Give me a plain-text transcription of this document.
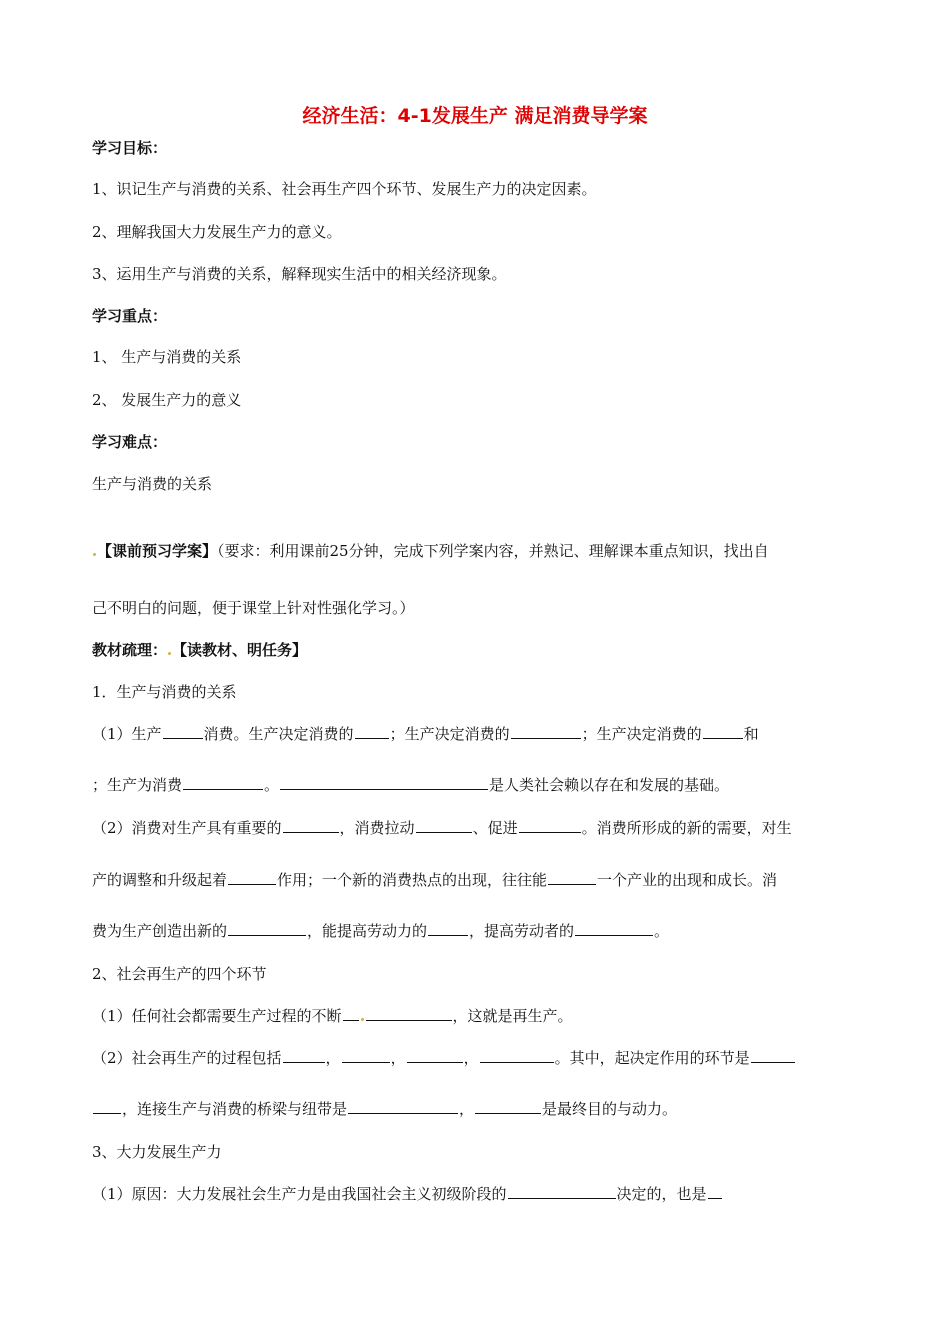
经济生活：4-1发展生产 满足消费导学案
学习目标：
1、识记生产与消费的关系、社会再生产四个环节、发展生产力的决定因素。
2、理解我国大力发展生产力的意义。
3、运用生产与消费的关系，解释现实生活中的相关经济现象。
学习重点：
1、 生产与消费的关系
2、 发展生产力的意义
学习难点：
生产与消费的关系
【课前预习学案】（要求：利用课前25分钟，完成下列学案内容，并熟记、理解课本重点知识，找出自
己不明白的问题，便于课堂上针对性强化学习。）
教材疏理： 【读教材、明任务】
1．生产与消费的关系
（1）生产	消费。生产决定消费的 ；生产决定消费的	；生产决定消费的	和
；生产为消费	。	是人类社会赖以存在和发展的基础。
（2）消费对生产具有重要的	，消费拉动	、促进	。消费所形成的新的需要，对生
产的调整和升级起着	作用；一个新的消费热点的出现，往往能	一个产业的出现和成长。消
费为生产创造出新的	，能提高劳动力的	，提高劳动者的	。
2、社会再生产的四个环节
（1）任何社会都需要生产过程的不断	，这就是再生产。
（2）社会再生产的过程包括	，	，	，	。其中，起决定作用的环节是
，连接生产与消费的桥梁与纽带是	，	是最终目的与动力。
3、大力发展生产力
（1）原因：大力发展社会生产力是由我国社会主义初级阶段的	决定的，也是
